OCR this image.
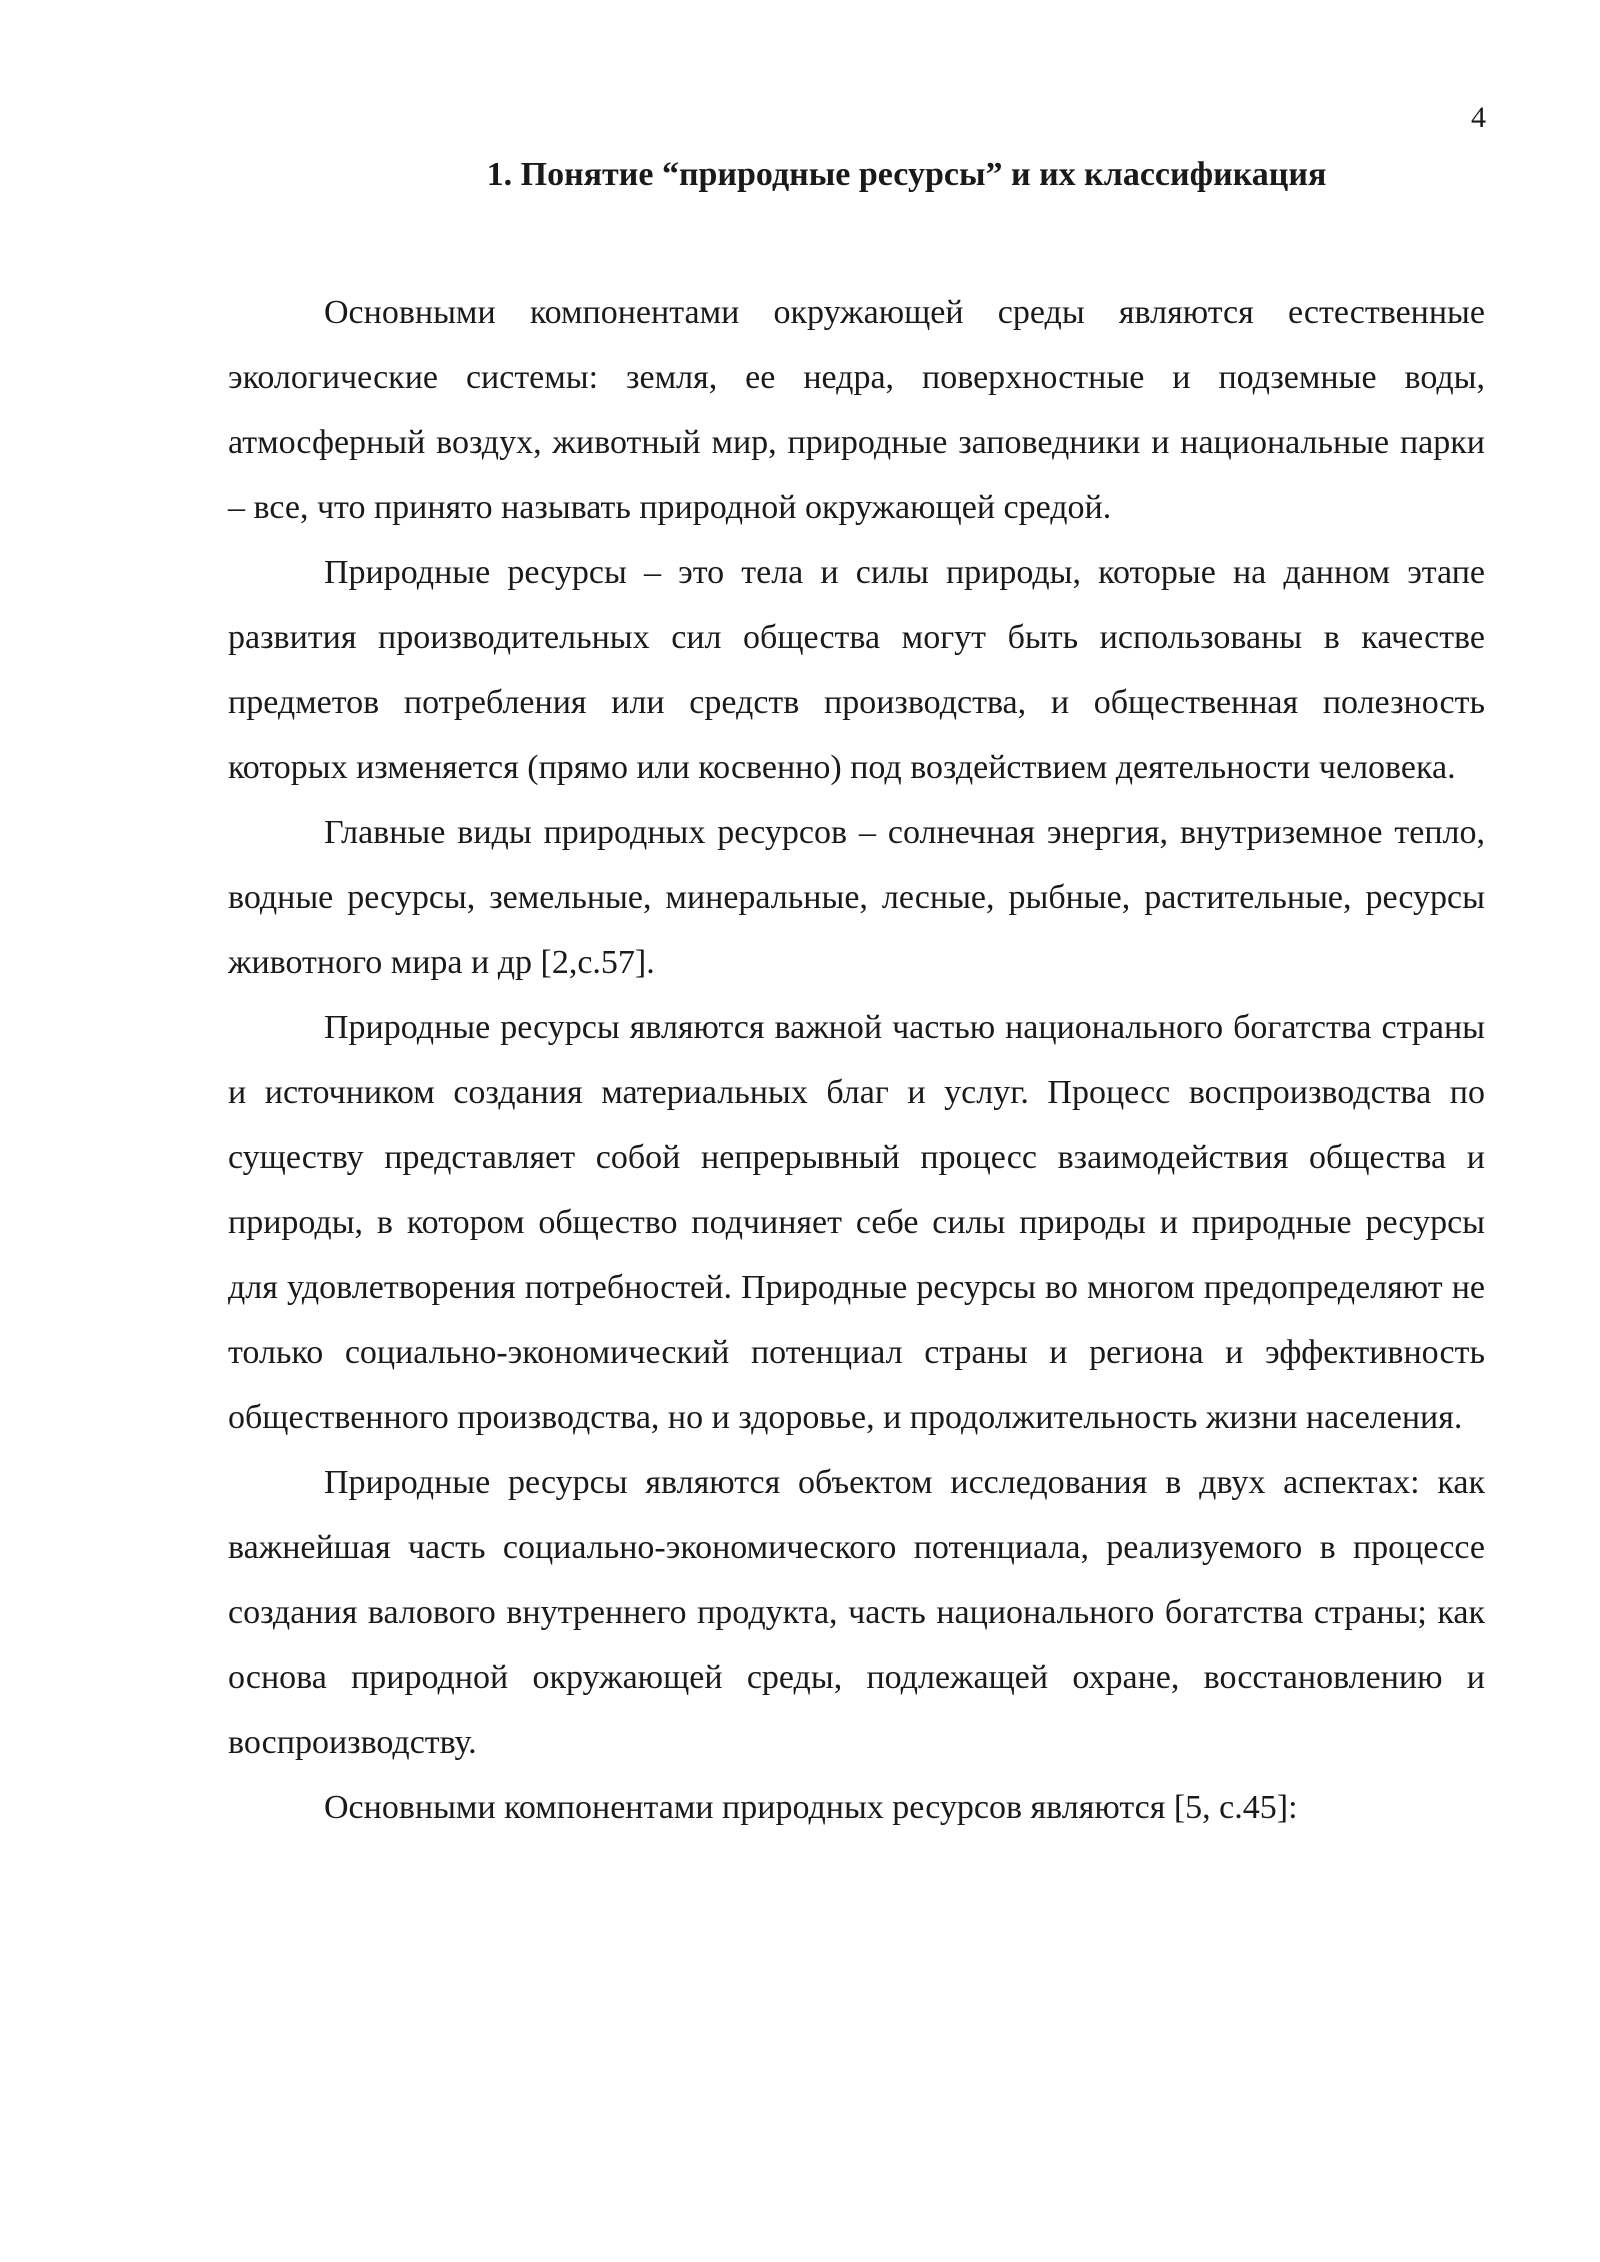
4
1. Понятие “природные ресурсы” и их классификация

Основными компонентами окружающей среды являются естественные экологические системы: земля, ее недра, поверхностные и подземные воды, атмосферный воздух, животный мир, природные заповедники и национальные парки – все, что принято называть природной окружающей средой.

Природные ресурсы – это тела и силы природы, которые на данном этапе развития производительных сил общества могут быть использованы в качестве предметов потребления или средств производства, и общественная полезность которых изменяется (прямо или косвенно) под воздействием деятельности человека.

Главные виды природных ресурсов – солнечная энергия, внутриземное тепло, водные ресурсы, земельные, минеральные, лесные, рыбные, растительные, ресурсы животного мира и др [2,с.57].

Природные ресурсы являются важной частью национального богатства страны и источником создания материальных благ и услуг. Процесс воспроизводства по существу представляет собой непрерывный процесс взаимодействия общества и природы, в котором общество подчиняет себе силы природы и природные ресурсы для удовлетворения потребностей. Природные ресурсы во многом предопределяют не только социально-экономический потенциал страны и региона и эффективность общественного производства, но и здоровье, и продолжительность жизни населения.

Природные ресурсы являются объектом исследования в двух аспектах: как важнейшая часть социально-экономического потенциала, реализуемого в процессе создания валового внутреннего продукта, часть национального богатства страны; как основа природной окружающей среды, подлежащей охране, восстановлению и воспроизводству.

Основными компонентами природных ресурсов являются [5, с.45]:
